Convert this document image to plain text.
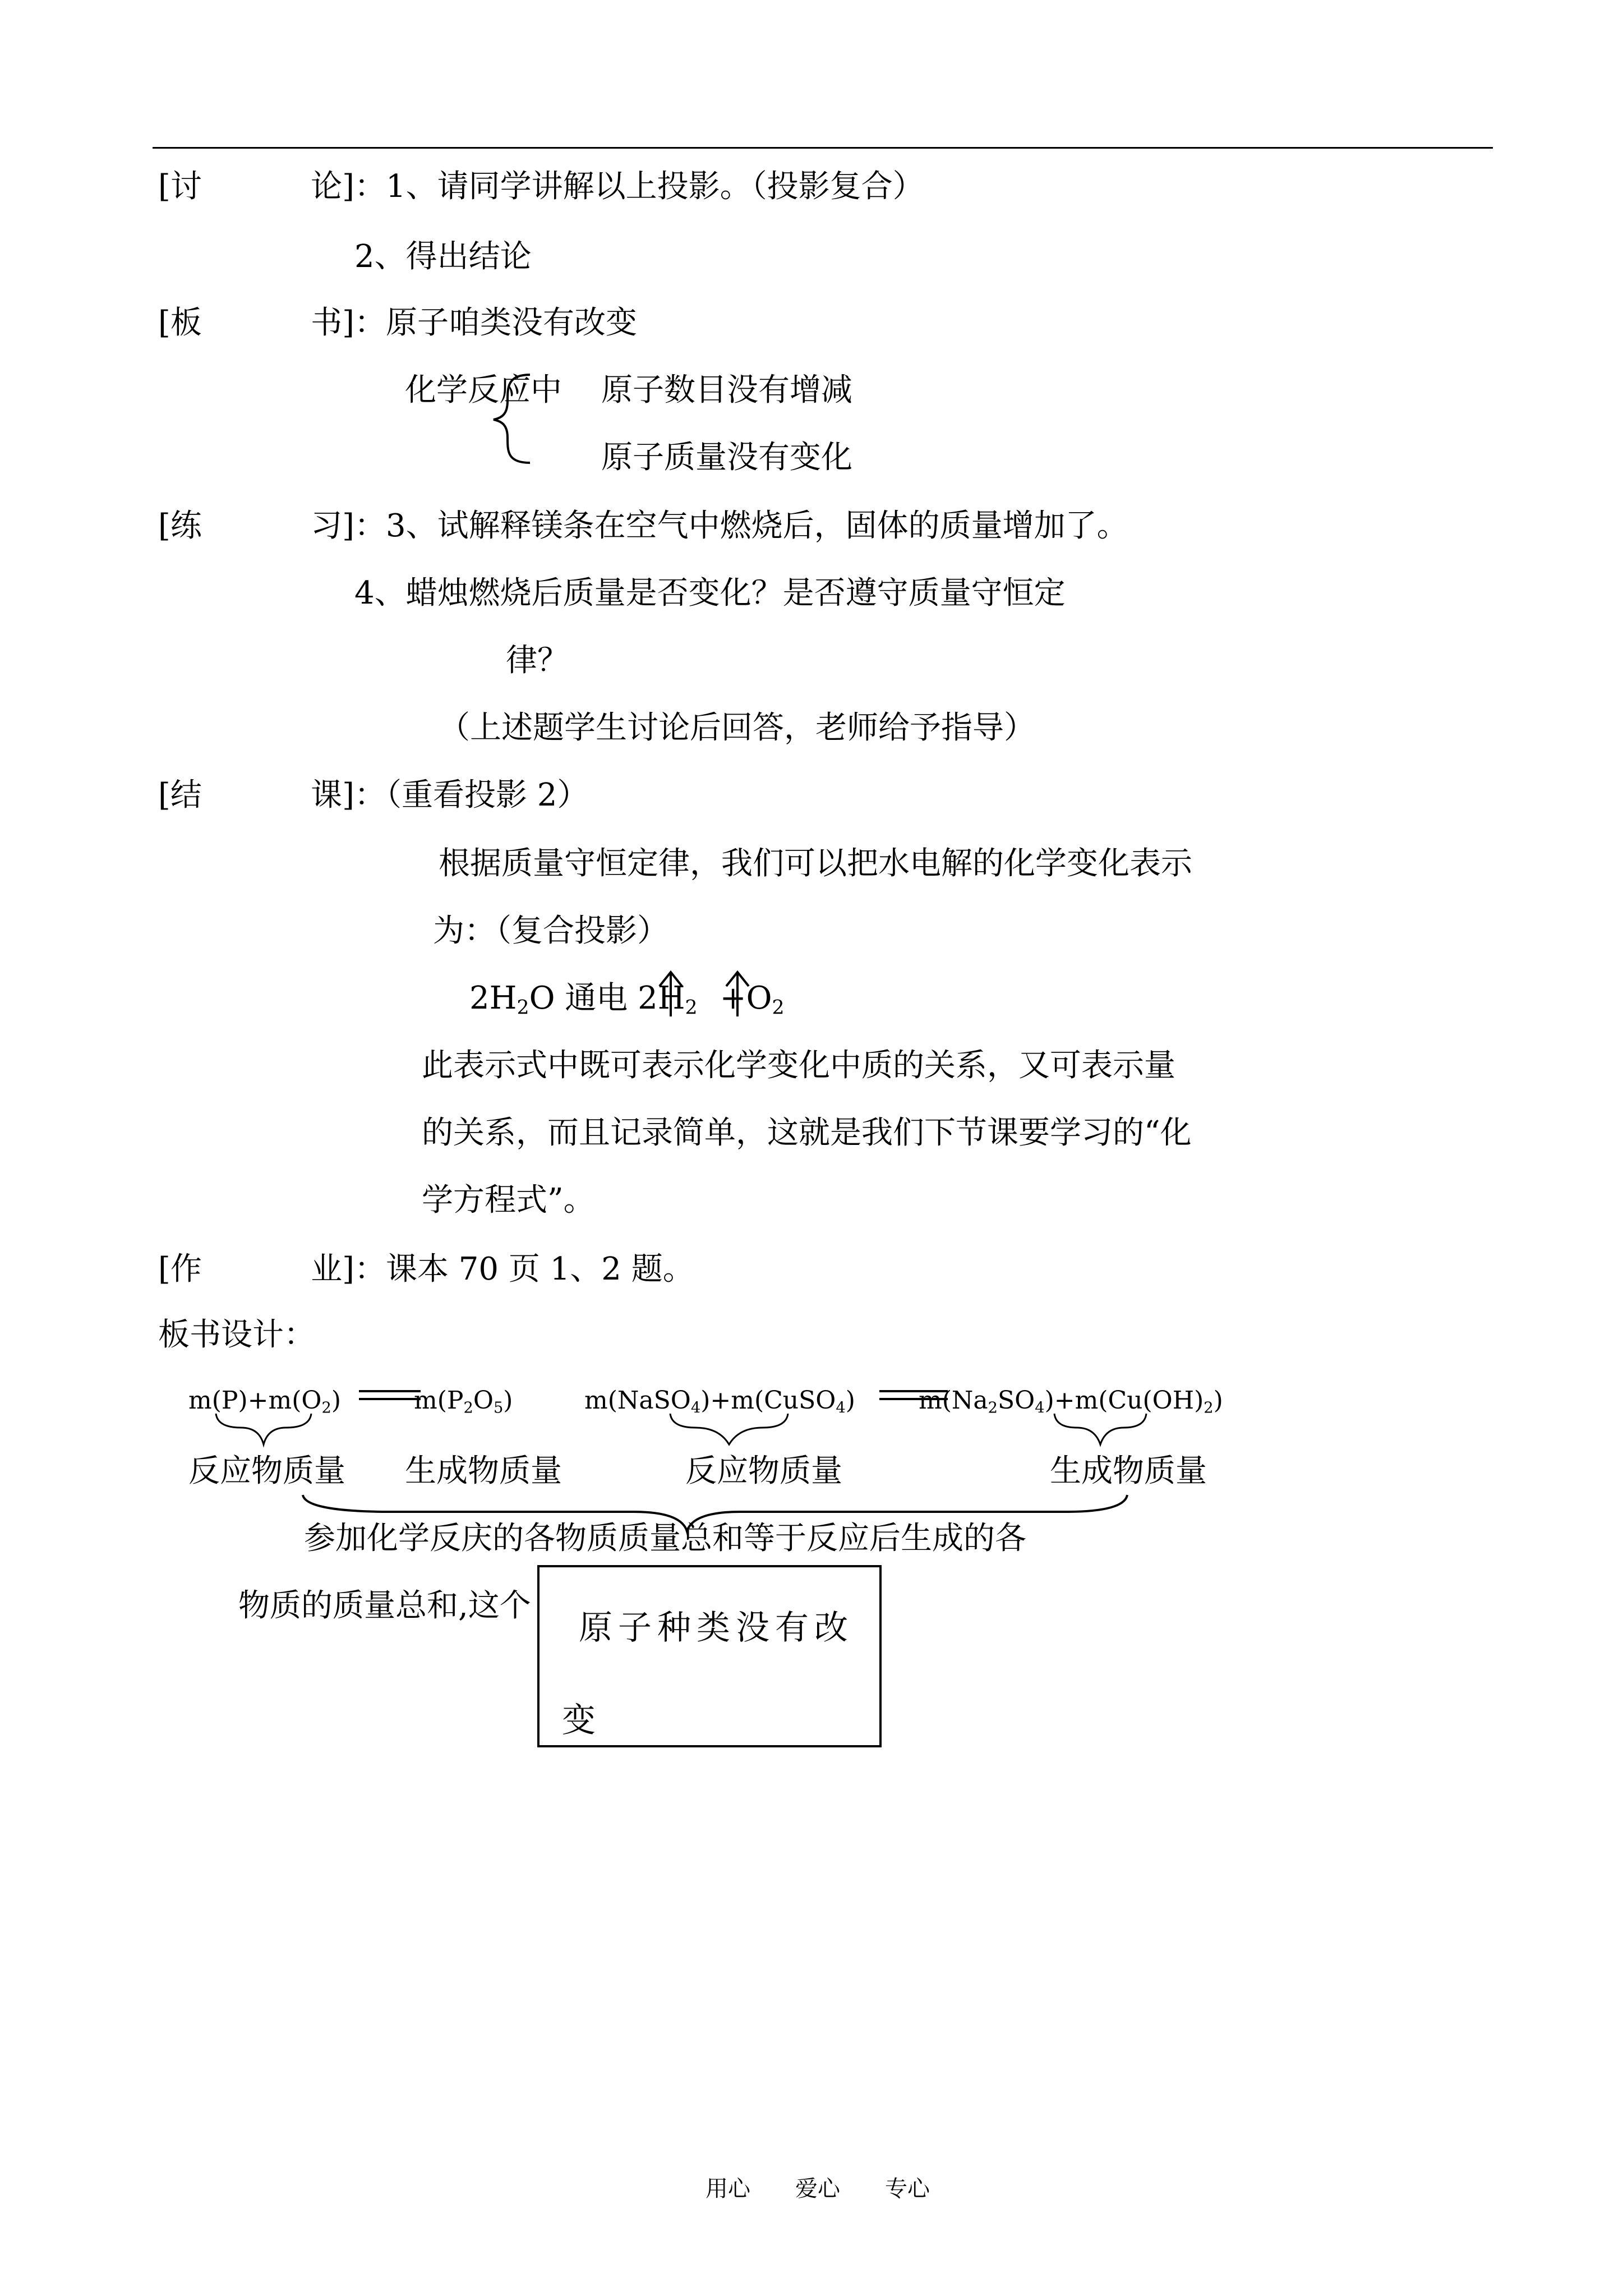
[讨	论] ：1、请同学讲解以上投影。（投影复合）
2、得出结论
[板	书] ：原子咱类没有改变
化学反应中 原子数目没有增减
原子质量没有变化
[练	习] ：3、试解释镁条在空气中燃烧后，固体的质量增加了。
4、蜡烛燃烧后质量是否变化？是否遵守质量守恒定
律？
（上述题学生讨论后回答，老师给予指导）
[结	课] ：（重看投影 2）
根据质量守恒定律，我们可以把水电解的化学变化表示
为：（复合投影）
$2H_2O$ 通电 $2H_2 +O_2$
此表示式中既可表示化学变化中质的关系，又可表示量
的关系，而且记录简单，这就是我们下节课要学习的“化
学方程式”。
[作	业] ：课本 70 页 1、2 题。
板书设计：
$m(P)+m(O_2)$	$m(P_2O_5)$	m(NaSO$_4$)+m(CuSO$_4$)	$m(Na_2SO_4)+m(Cu(OH)_2)$
反应物质量 生成物质量	反应物质量	生成物质量
参加化学反庆的各物质质量总和等于反应后生成的各
物质的质量总和,这个
原子种类没有改
变
用心 爱心 专心
